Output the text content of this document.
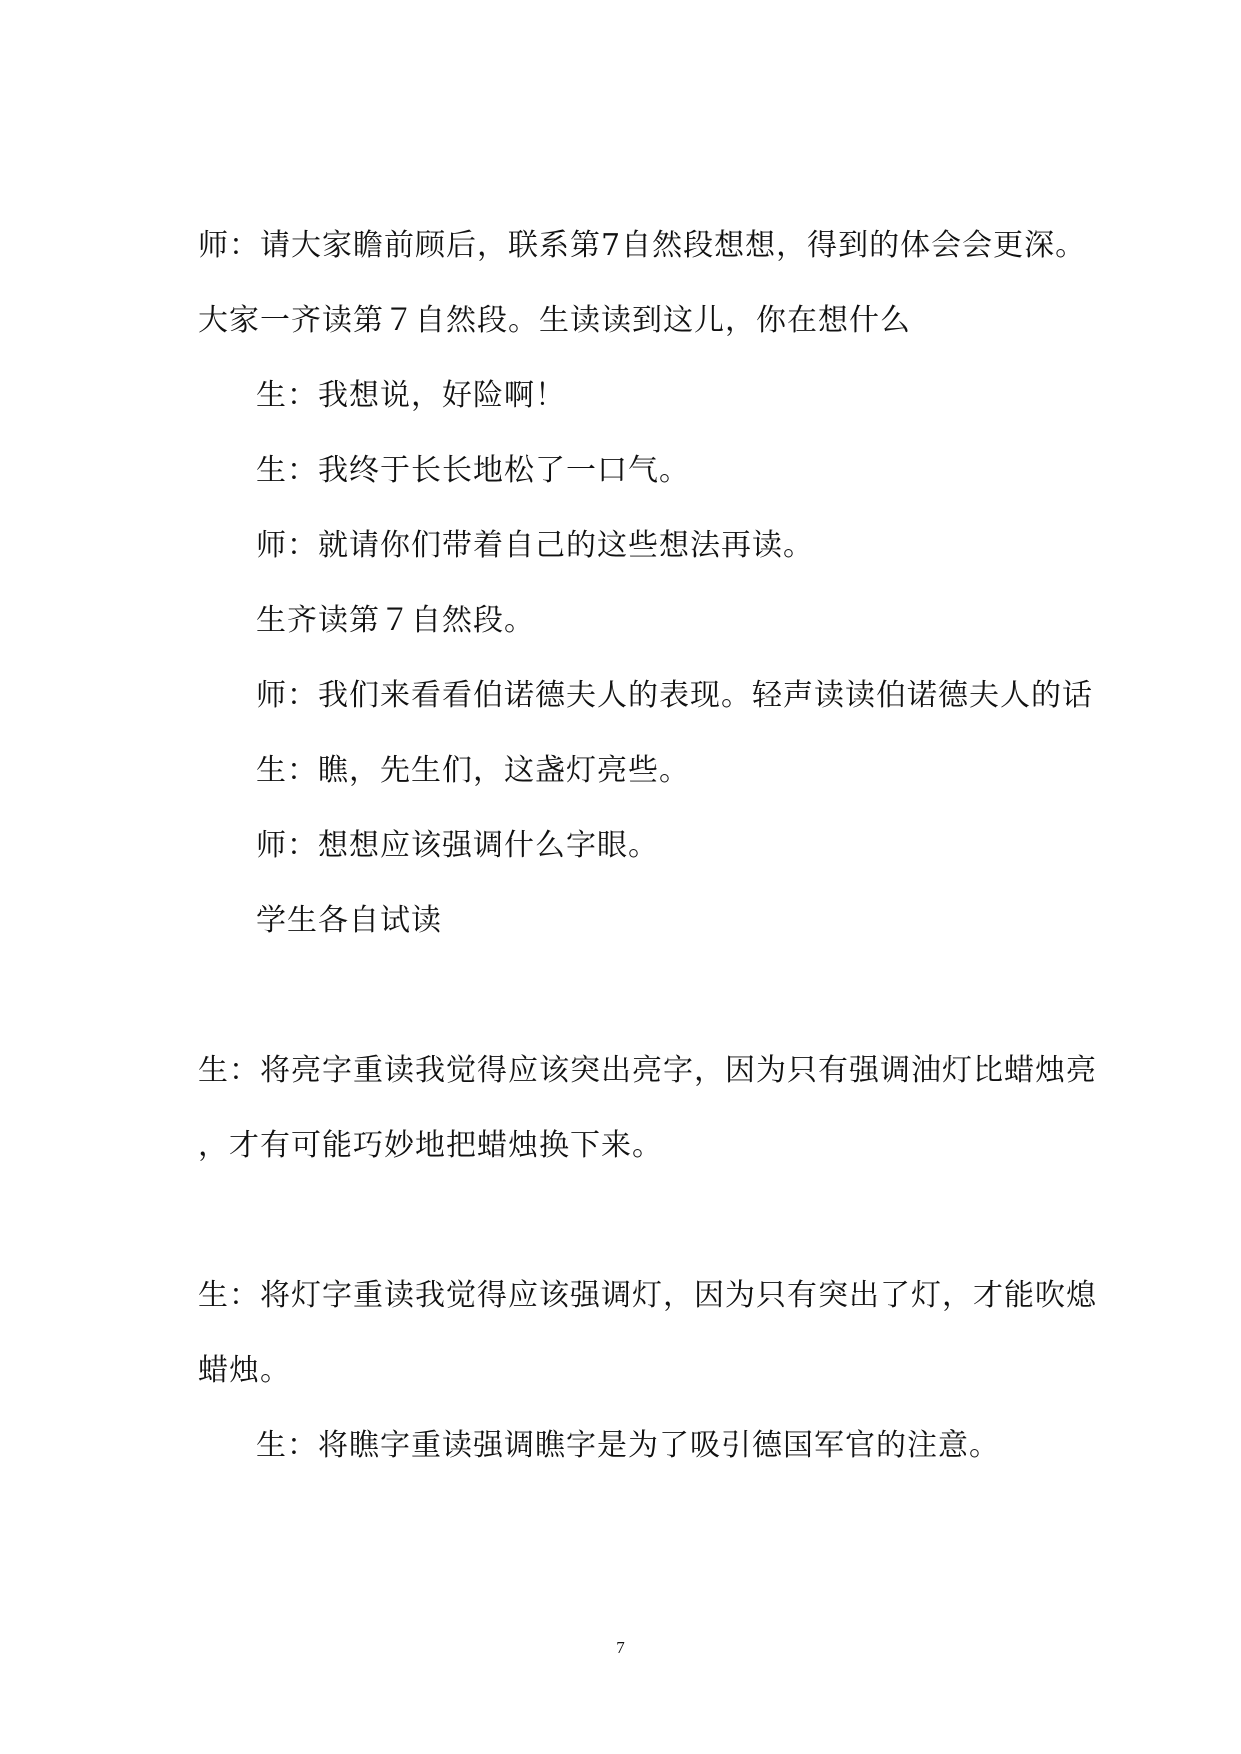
师：请大家瞻前顾后，联系第7自然段想想，得到的体会会更深。
大家一齐读第７自然段。生读读到这儿，你在想什么
生：我想说，好险啊！
生：我终于长长地松了一口气。
师：就请你们带着自己的这些想法再读。
生齐读第７自然段。
师：我们来看看伯诺德夫人的表现。轻声读读伯诺德夫人的话
生：瞧，先生们，这盏灯亮些。
师：想想应该强调什么字眼。
学生各自试读
生：将亮字重读我觉得应该突出亮字，因为只有强调油灯比蜡烛亮
，才有可能巧妙地把蜡烛换下来。
生：将灯字重读我觉得应该强调灯，因为只有突出了灯，才能吹熄
蜡烛。
生：将瞧字重读强调瞧字是为了吸引德国军官的注意。
7
